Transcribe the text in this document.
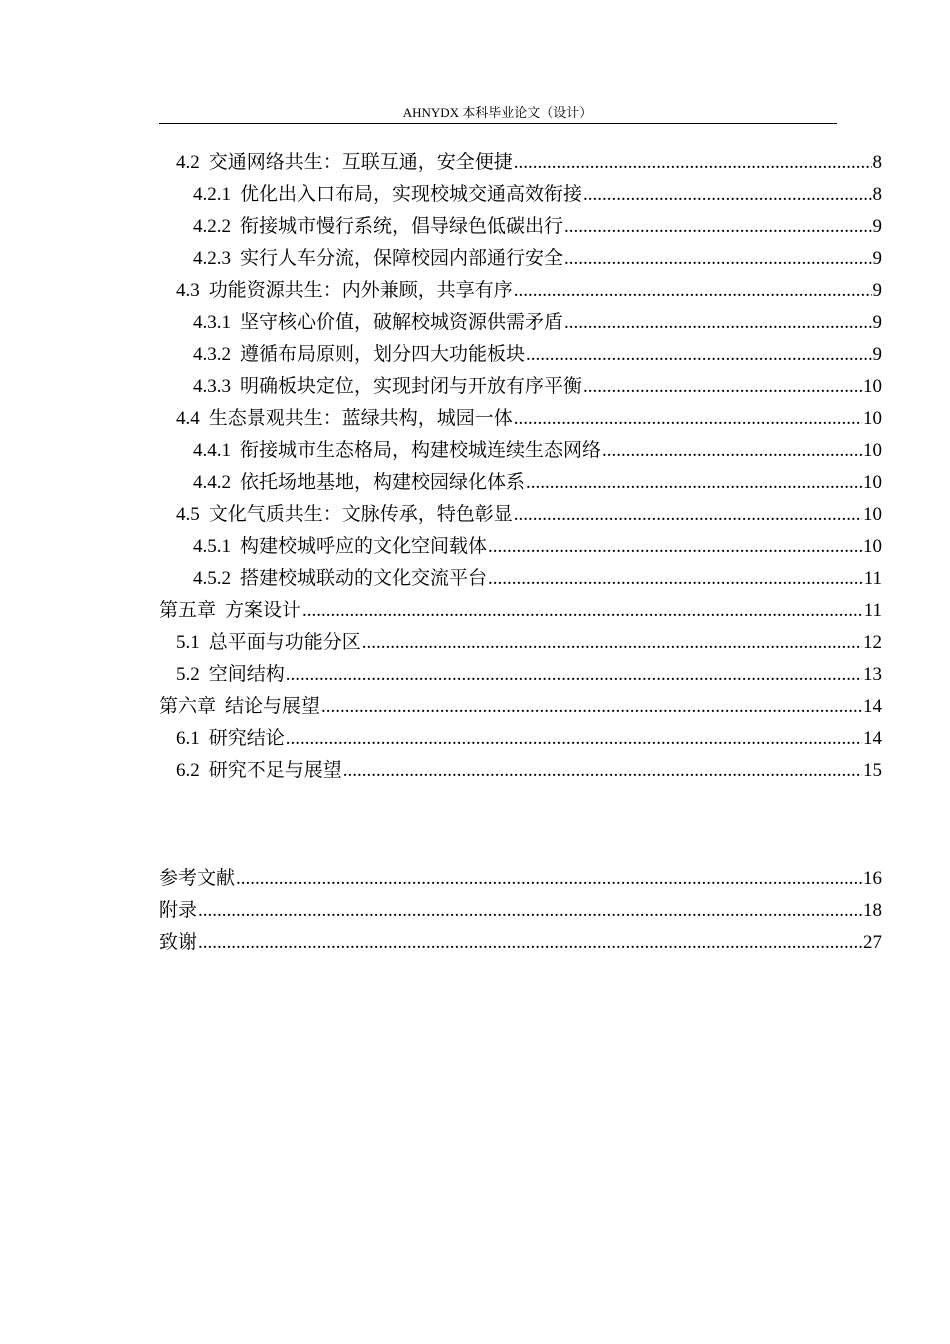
AHNYDX 本科毕业论文（设计）
4.2 交通网络共生：互联互通，安全便捷 .....	8
4.2.1 优化出入口布局，实现校城交通高效衔接 .....	8
4.2.2 衔接城市慢行系统，倡导绿色低碳出行 .....	9
4.2.3 实行人车分流，保障校园内部通行安全 .....	9
4.3 功能资源共生：内外兼顾，共享有序 .....	9
4.3.1 坚守核心价值，破解校城资源供需矛盾 .....	9
4.3.2 遵循布局原则，划分四大功能板块 .....	9
4.3.3 明确板块定位，实现封闭与开放有序平衡 .....	10
4.4 生态景观共生：蓝绿共构，城园一体 .....	10
4.4.1 衔接城市生态格局，构建校城连续生态网络 .....	10
4.4.2 依托场地基地，构建校园绿化体系 .....	10
4.5 文化气质共生：文脉传承，特色彰显 .....	10
4.5.1 构建校城呼应的文化空间载体 .....	10
4.5.2 搭建校城联动的文化交流平台 .....	11
第五章 方案设计 .....	11
5.1 总平面与功能分区 .....	12
5.2 空间结构 .....	13
第六章 结论与展望 .....	14
6.1 研究结论 .....	14
6.2 研究不足与展望 .....	15
参考文献 .....	16
附录 .....	18
致谢 .....	27
